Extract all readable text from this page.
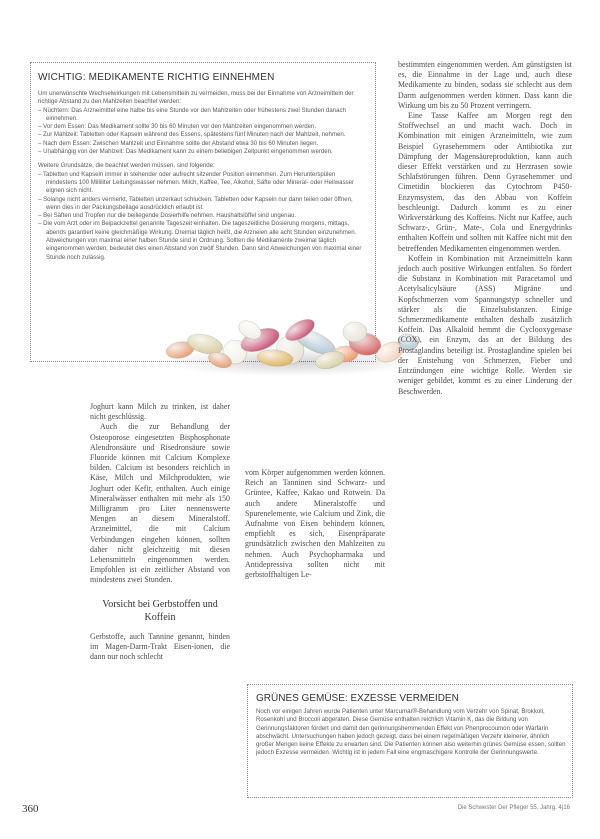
WICHTIG: MEDIKAMENTE RICHTIG EINNEHMEN

Um unerwünschte Wechselwirkungen mit Lebensmitteln zu vermeiden, muss bei der Einnahme von Arzneimitteln der richtige Abstand zu den Mahlzeiten beachtet werden:

– Nüchtern: Das Arzneimittel eine halbe bis eine Stunde vor den Mahlzeiten oder frühestens zwei Stunden danach einnehmen.
– Vor dem Essen: Das Medikament sollte 30 bis 60 Minuten vor den Mahlzeiten eingenommen werden.
– Zur Mahlzeit: Tabletten oder Kapseln während des Essens, spätestens fünf Minuten nach der Mahlzeit, nehmen.
– Nach dem Essen: Zwischen Mahlzeit und Einnahme sollte der Abstand etwa 30 bis 60 Minuten liegen.
– Unabhängig von der Mahlzeit: Das Medikament kann zu einem beliebigen Zeitpunkt eingenommen werden.

Weitere Grundsätze, die beachtet werden müssen, sind folgende:

– Tabletten und Kapseln immer in stehender oder aufrecht sitzender Position einnehmen. Zum Herunterspülen mindestens 100 Milliliter Leitungswasser nehmen. Milch, Kaffee, Tee, Alkohol, Säfte oder Mineral- oder Heilwasser eignen sich nicht.
– Solange nicht anders vermerkt, Tabletten unzerkaut schlucken. Tabletten oder Kapseln nur dann teilen oder öffnen, wenn dies in der Packungsbeilage ausdrücklich erlaubt ist.
– Bei Säften und Tropfen nur die beiliegende Dosierhilfe nehmen. Haushaltslöffel sind ungenau.
– Die vom Arzt oder im Beipackzettel genannte Tageszeit einhalten. Die tageszeitliche Dosierung morgens, mittags, abends garantiert keine gleichmäßige Wirkung. Dreimal täglich heißt, die Arzneien alle acht Stunden einzunehmen. Abweichungen von maximal einer halben Stunde sind in Ordnung. Sollten die Medikamente zweimal täglich eingenommen werden, bedeutet dies einen Abstand von zwölf Stunden. Dann sind Abweichungen von maximal einer Stunde noch zulässig.

bestimmten eingenommen werden. Am günstigsten ist es, die Einnahme in der Lage und, auch diese Medikamente zu binden, sodass sie schlecht aus dem Darm aufgenommen werden können. Dass kann die Wirkung um bis zu 50 Prozent verringern.

Eine Tasse Kaffee am Morgen regt den Stoffwechsel an und macht wach. Doch in Kombination mit einigen Arzneimitteln, wie zum Beispiel Gyrasehemmern oder Antibiotika zur Dämpfung der Magensäureproduktion, kann auch dieser Effekt verstärken und zu Herzrasen sowie Schlafstörungen führen. Denn Gyrasehemmer und Cimetidin blockieren das Cytochrom P450-Enzymsystem, das den Abbau von Koffein beschleunigt. Dadurch kommt es zu einer Wirkverstärkung des Koffeins. Nicht nur Kaffee, auch Schwarz-, Grün-, Mate-, Cola und Energydrinks enthalten Koffein und sollten mit Kaffee nicht mit den betreffenden Medikamenten eingenommen werden.

Koffein in Kombination mit Arzneimitteln kann jedoch auch positive Wirkungen entfalten. So fördert die Substanz in Kombination mit Paracetamol und Acetylsalicylsäure (ASS) Migräne und Kopfschmerzen vom Spannungstyp schneller und stärker als die Einzelsubstanzen. Einige Schmerzmedikamente enthalten deshalb zusätzlich Koffein. Das Alkaloid hemmt die Cyclooxygenase (COX), ein Enzym, das an der Bildung des Prostaglandins beteiligt ist. Prostaglandine spielen bei der Entstehung von Schmerzen, Fieber und Entzündungen eine wichtige Rolle. Werden sie weniger gebildet, kommt es zu einer Linderung der Beschwerden.

Joghurt kann Milch zu trinken, ist daher nicht geschlüssig.

Auch die zur Behandlung der Osteoporose eingesetzten Bisphosphonate Alendronsäure und Risedronsäure sowie Fluoride können mit Calcium Komplexe bilden. Calcium ist besonders reichlich in Käse, Milch und Milchprodukten, wie Joghurt oder Kefir, enthalten. Auch einige Mineralwässer enthalten mit mehr als 150 Milligramm pro Liter nennenswerte Mengen an diesem Mineralstoff. Arzneimittel, die mit Calcium Verbindungen eingehen können, sollten daher nicht gleichzeitig mit diesen Lebensmitteln eingenommen werden. Empfohlen ist ein zeitlicher Abstand von mindestens zwei Stunden.

Vorsicht bei Gerbstoffen und Koffein

Gerbstoffe, auch Tannine genannt, binden im Magen-Darm-Trakt Eisen-ionen, die dann nur noch schlecht

vom Körper aufgenommen werden können. Reich an Tanninen sind Schwarz- und Grüntee, Kaffee, Kakao und Rotwein. Da auch andere Mineralstoffe und Spurenelemente, wie Calcium und Zink, die Aufnahme von Eisen behindern können, empfiehlt es sich, Eisenpräparate grundsätzlich zwischen den Mahlzeiten zu nehmen. Auch Psychopharmaka und Antidepressiva sollten nicht mit gerbstoffhaltigen Le-

GRÜNES GEMÜSE: EXZESSE VERMEIDEN

Noch vor einigen Jahren wurde Patienten unter Marcumar®-Behandlung vom Verzehr von Spinat, Brokkoli, Rosenkohl und Broccoli abgeraten. Diese Gemüse enthalten reichlich Vitamin K, das die Bildung von Gerinnungsfaktoren fördert und damit den gerinnungshemmenden Effekt von Phenprocoumon oder Warfarin abschwächt. Untersuchungen haben jedoch gezeigt, dass bei einem regelmäßigen Verzehr kleinerer, ähnlich großer Mengen keine Effekte zu erwarten sind. Die Patienten können also weiterhin grünes Gemüse essen, sollten jedoch Exzesse vermeiden. Wichtig ist in jedem Fall eine engmaschigere Kontrolle der Gerinnungswerte.

360	Die Schwester Der Pfleger 55. Jahrg. 4|16
